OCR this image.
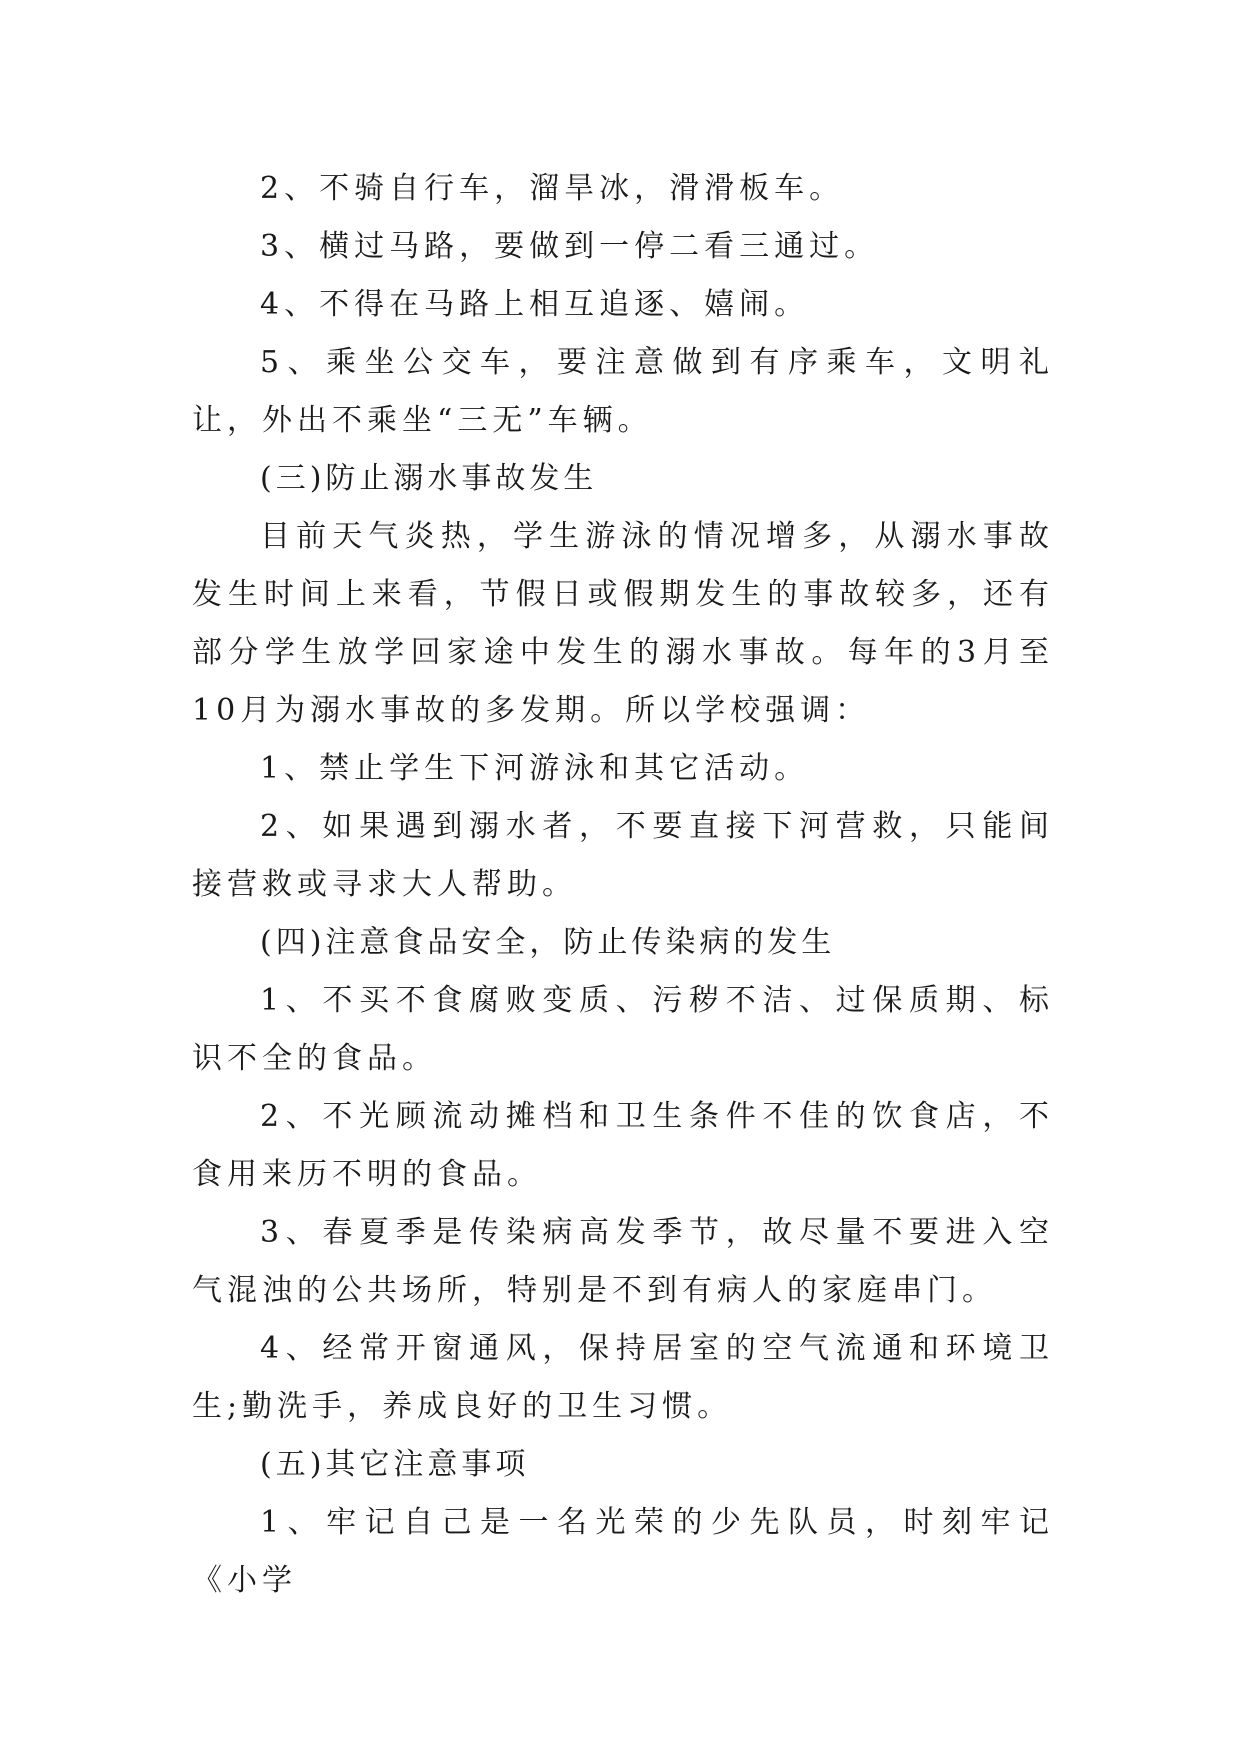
2、不骑自行车，溜旱冰，滑滑板车。

3、横过马路，要做到一停二看三通过。

4、不得在马路上相互追逐、嬉闹。

5、乘坐公交车，要注意做到有序乘车，文明礼让，外出不乘坐“三无”车辆。

(三)防止溺水事故发生

目前天气炎热，学生游泳的情况增多，从溺水事故发生时间上来看，节假日或假期发生的事故较多，还有部分学生放学回家途中发生的溺水事故。每年的3月至10月为溺水事故的多发期。所以学校强调：

1、禁止学生下河游泳和其它活动。

2、如果遇到溺水者，不要直接下河营救，只能间接营救或寻求大人帮助。

(四)注意食品安全，防止传染病的发生

1、不买不食腐败变质、污秽不洁、过保质期、标识不全的食品。

2、不光顾流动摊档和卫生条件不佳的饮食店，不食用来历不明的食品。

3、春夏季是传染病高发季节，故尽量不要进入空气混浊的公共场所，特别是不到有病人的家庭串门。

4、经常开窗通风，保持居室的空气流通和环境卫生;勤洗手，养成良好的卫生习惯。

(五)其它注意事项

1、牢记自己是一名光荣的少先队员，时刻牢记《小学
